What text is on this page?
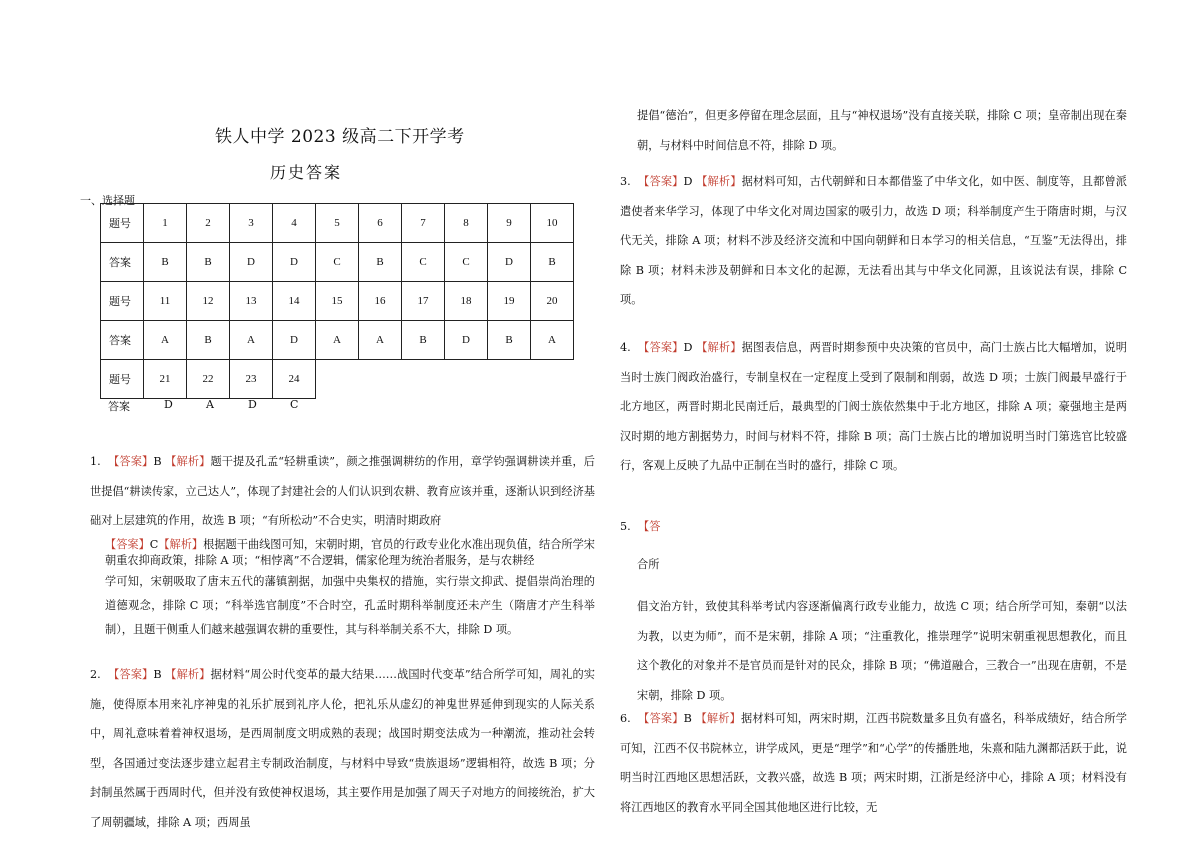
铁人中学 2023 级高二下开学考
历史答案
一、选择题
题号	1	2	3	4	5	6	7	8	9	10
答案	B	B	D	D	C	B	C	C	D	B
题号	11	12	13	14	15	16	17	18	19	20
答案	A	B	A	D	A	A	B	D	B	A
题号	21	22	23	24						
答案	D	A	D	C
1. 【答案】B 【解析】题干提及孔孟“轻耕重读”，颜之推强调耕纺的作用，章学钧强调耕读并重，后世提倡“耕读传家，立己达人”，体现了封建社会的人们认识到农耕、教育应该并重，逐渐认识到经济基础对上层建筑的作用，故选 B 项；“有所松动”不合史实，明清时期政府
【答案】C【解析】根据题干曲线图可知，宋朝时期，官员的行政专业化水准出现负值，结合所学宋朝重农抑商政策，排除 A 项；“相悖离”不合逻辑，儒家伦理为统治者服务，是与农耕经
学可知，宋朝吸取了唐末五代的藩镇割据，加强中央集权的措施，实行崇文抑武、提倡崇尚治理的道德观念，排除 C 项；“科举选官制度”不合时空，孔孟时期科举制度还未产生（隋唐才产生科举制），且题干侧重人们越来越强调农耕的重要性，其与科举制关系不大，排除 D 项。
2. 【答案】B 【解析】据材料“周公时代变革的最大结果……战国时代变革”结合所学可知，周礼的实施，使得原本用来礼序神鬼的礼乐扩展到礼序人伦，把礼乐从虚幻的神鬼世界延伸到现实的人际关系中，周礼意味着着神权退场，是西周制度文明成熟的表现；战国时期变法成为一种潮流，推动社会转型，各国通过变法逐步建立起君主专制政治制度，与材料中导致“贵族退场”逻辑相符，故选 B 项；分封制虽然属于西周时代，但并没有致使神权退场，其主要作用是加强了周天子对地方的间接统治，扩大了周朝疆域，排除 A 项；西周虽
提倡“德治”，但更多停留在理念层面，且与“神权退场”没有直接关联，排除 C 项；皇帝制出现在秦朝，与材料中时间信息不符，排除 D 项。
3. 【答案】D 【解析】据材料可知，古代朝鲜和日本都借鉴了中华文化，如中医、制度等，且都曾派遣使者来华学习，体现了中华文化对周边国家的吸引力，故选 D 项；科举制度产生于隋唐时期，与汉代无关，排除 A 项；材料不涉及经济交流和中国向朝鲜和日本学习的相关信息，“互鉴”无法得出，排除 B 项；材料未涉及朝鲜和日本文化的起源，无法看出其与中华文化同源，且该说法有误，排除 C 项。
4. 【答案】D 【解析】据图表信息，两晋时期参预中央决策的官员中，高门士族占比大幅增加，说明当时士族门阀政治盛行，专制皇权在一定程度上受到了限制和削弱，故选 D 项；士族门阀最早盛行于北方地区，两晋时期北民南迁后，最典型的门阀士族依然集中于北方地区，排除 A 项；豪强地主是两汉时期的地方割据势力，时间与材料不符，排除 B 项；高门士族占比的增加说明当时门第选官比较盛行，客观上反映了九品中正制在当时的盛行，排除 C 项。
5. 【答
合所
倡文治方针，致使其科举考试内容逐渐偏离行政专业能力，故选 C 项；结合所学可知，秦朝“以法为教，以吏为师”，而不是宋朝，排除 A 项；“注重教化，推崇理学”说明宋朝重视思想教化，而且这个教化的对象并不是官员而是针对的民众，排除 B 项；“佛道融合，三教合一”出现在唐朝，不是宋朝，排除 D 项。
6. 【答案】B 【解析】据材料可知，两宋时期，江西书院数量多且负有盛名，科举成绩好，结合所学可知，江西不仅书院林立，讲学成风，更是“理学”和“心学”的传播胜地，朱熹和陆九渊都活跃于此，说明当时江西地区思想活跃，文教兴盛，故选 B 项；两宋时期，江浙是经济中心，排除 A 项；材料没有将江西地区的教育水平同全国其他地区进行比较，无
